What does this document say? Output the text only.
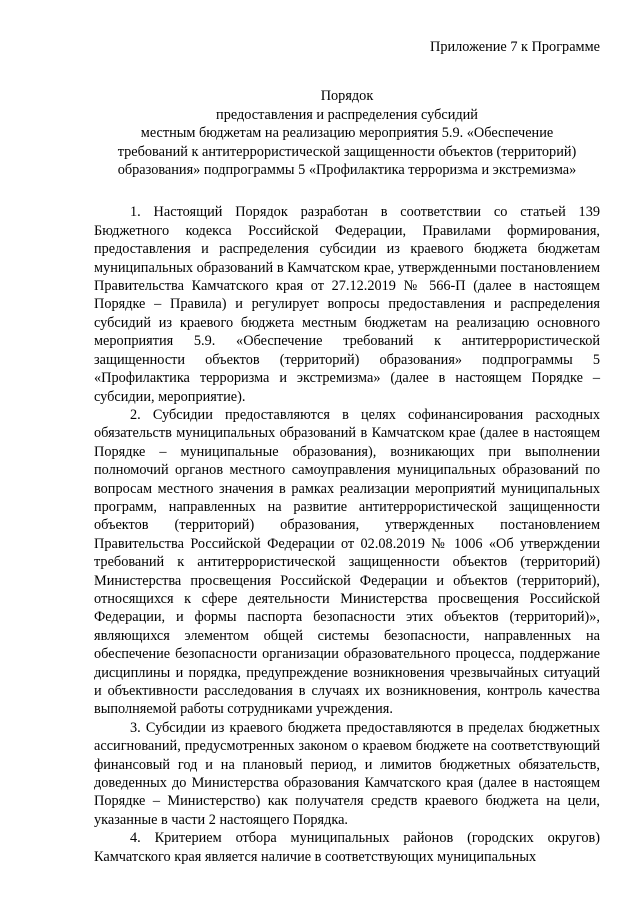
Приложение 7 к Программе
Порядок
предоставления и распределения субсидий
местным бюджетам на реализацию мероприятия 5.9. «Обеспечение
требований к антитеррористической защищенности объектов (территорий)
образования» подпрограммы 5 «Профилактика терроризма и экстремизма»

1. Настоящий Порядок разработан в соответствии со статьей 139 Бюджетного кодекса Российской Федерации, Правилами формирования, предоставления и распределения субсидии из краевого бюджета бюджетам муниципальных образований в Камчатском крае, утвержденными постановлением Правительства Камчатского края от 27.12.2019 № 566-П (далее в настоящем Порядке – Правила) и регулирует вопросы предоставления и распределения субсидий из краевого бюджета местным бюджетам на реализацию основного мероприятия 5.9. «Обеспечение требований к антитеррористической защищенности объектов (территорий) образования» подпрограммы 5 «Профилактика терроризма и экстремизма» (далее в настоящем Порядке – субсидии, мероприятие).

2. Субсидии предоставляются в целях софинансирования расходных обязательств муниципальных образований в Камчатском крае (далее в настоящем Порядке – муниципальные образования), возникающих при выполнении полномочий органов местного самоуправления муниципальных образований по вопросам местного значения в рамках реализации мероприятий муниципальных программ, направленных на развитие антитеррористической защищенности объектов (территорий) образования, утвержденных постановлением Правительства Российской Федерации от 02.08.2019 № 1006 «Об утверждении требований к антитеррористической защищенности объектов (территорий) Министерства просвещения Российской Федерации и объектов (территорий), относящихся к сфере деятельности Министерства просвещения Российской Федерации, и формы паспорта безопасности этих объектов (территорий)», являющихся элементом общей системы безопасности, направленных на обеспечение безопасности организации образовательного процесса, поддержание дисциплины и порядка, предупреждение возникновения чрезвычайных ситуаций и объективности расследования в случаях их возникновения, контроль качества выполняемой работы сотрудниками учреждения.

3. Субсидии из краевого бюджета предоставляются в пределах бюджетных ассигнований, предусмотренных законом о краевом бюджете на соответствующий финансовый год и на плановый период, и лимитов бюджетных обязательств, доведенных до Министерства образования Камчатского края (далее в настоящем Порядке – Министерство) как получателя средств краевого бюджета на цели, указанные в части 2 настоящего Порядка.

4. Критерием отбора муниципальных районов (городских округов) Камчатского края является наличие в соответствующих муниципальных
